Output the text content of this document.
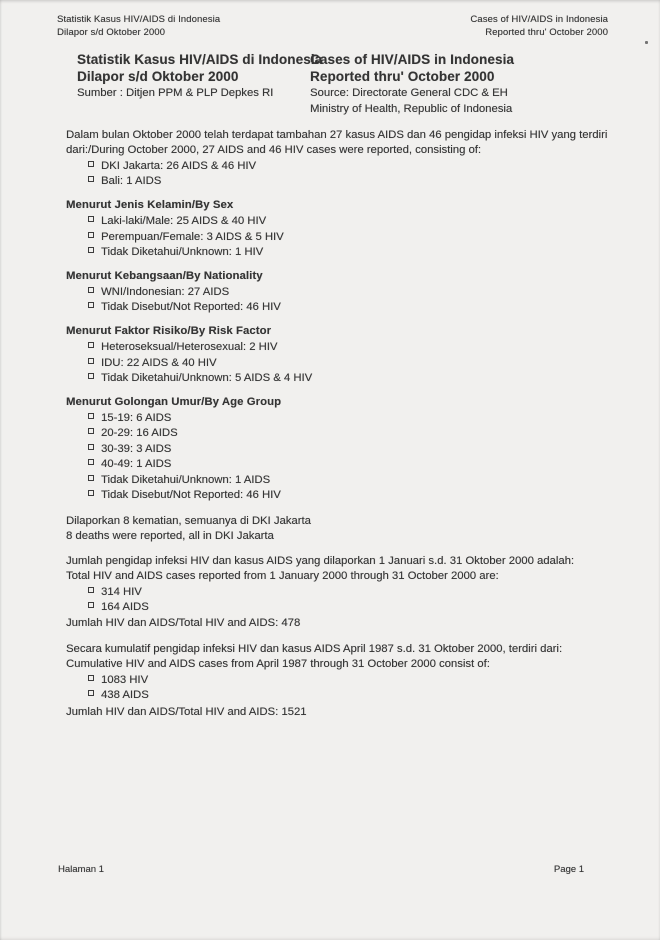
Statistik Kasus HIV/AIDS di Indonesia
Dilapor s/d Oktober 2000
Cases of HIV/AIDS in Indonesia
Reported thru' October 2000
Statistik Kasus HIV/AIDS di Indonesia
Dilapor s/d Oktober 2000
Sumber : Ditjen PPM & PLP Depkes RI
Cases of HIV/AIDS in Indonesia
Reported thru' October 2000
Source: Directorate General CDC & EH
Ministry of Health, Republic of Indonesia
Dalam bulan Oktober 2000 telah terdapat tambahan 27 kasus AIDS dan 46 pengidap infeksi HIV yang terdiri
dari:/During October 2000, 27 AIDS and 46 HIV cases were reported, consisting of:
DKI Jakarta: 26 AIDS & 46 HIV
Bali: 1 AIDS
Menurut Jenis Kelamin/By Sex
Laki-laki/Male: 25 AIDS & 40 HIV
Perempuan/Female: 3 AIDS & 5 HIV
Tidak Diketahui/Unknown: 1 HIV
Menurut Kebangsaan/By Nationality
WNI/Indonesian: 27 AIDS
Tidak Disebut/Not Reported: 46 HIV
Menurut Faktor Risiko/By Risk Factor
Heteroseksual/Heterosexual: 2 HIV
IDU: 22 AIDS & 40 HIV
Tidak Diketahui/Unknown: 5 AIDS & 4 HIV
Menurut Golongan Umur/By Age Group
15-19: 6 AIDS
20-29: 16 AIDS
30-39: 3 AIDS
40-49: 1 AIDS
Tidak Diketahui/Unknown: 1 AIDS
Tidak Disebut/Not Reported: 46 HIV
Dilaporkan 8 kematian, semuanya di DKI Jakarta
8 deaths were reported, all in DKI Jakarta
Jumlah pengidap infeksi HIV dan kasus AIDS yang dilaporkan 1 Januari s.d. 31 Oktober 2000 adalah:
Total HIV and AIDS cases reported from 1 January 2000 through 31 October 2000 are:
314 HIV
164 AIDS
Jumlah HIV dan AIDS/Total HIV and AIDS: 478
Secara kumulatif pengidap infeksi HIV dan kasus AIDS April 1987 s.d. 31 Oktober 2000, terdiri dari:
Cumulative HIV and AIDS cases from April 1987 through 31 October 2000 consist of:
1083 HIV
438 AIDS
Jumlah HIV dan AIDS/Total HIV and AIDS: 1521
Halaman 1	Page 1
